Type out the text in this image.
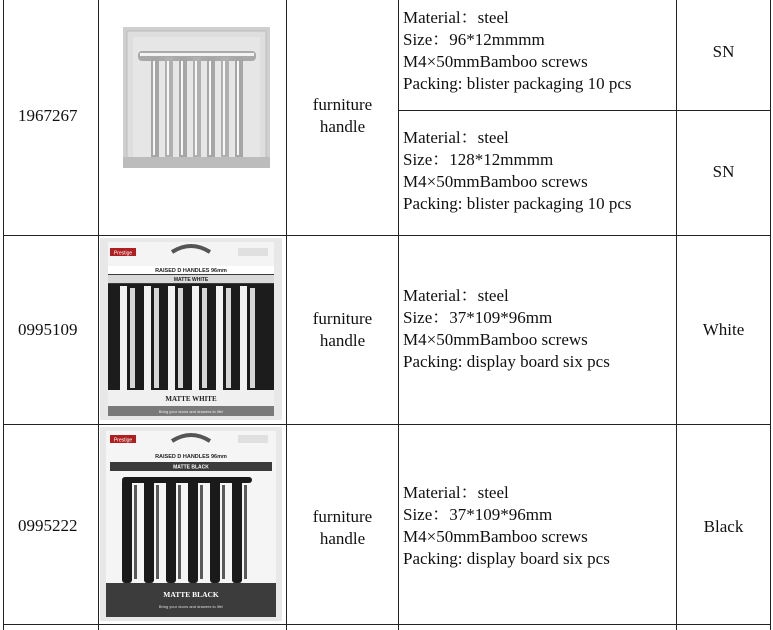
1967267
furniture
handle
Material：steel
Size：96*12mmmm
M4×50mmBamboo screws
Packing: blister packaging 10 pcs
SN
Material：steel
Size：128*12mmmm
M4×50mmBamboo screws
Packing: blister packaging 10 pcs
SN
0995109
Prestige
RAISED D HANDLES 96mm
MATTE WHITE
MATTE WHITE
Bring your doors and drawers to life!
furniture
handle
Material：steel
Size：37*109*96mm
M4×50mmBamboo screws
Packing: display board six pcs
White
0995222
Prestige
RAISED D HANDLES 96mm
MATTE BLACK
MATTE BLACK
Bring your doors and drawers to life!
furniture
handle
Material：steel
Size：37*109*96mm
M4×50mmBamboo screws
Packing: display board six pcs
Black
